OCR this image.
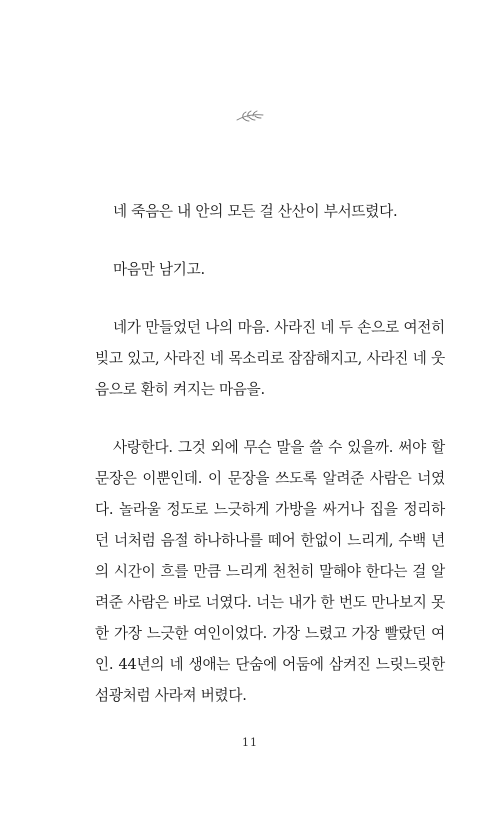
네 죽음은 내 안의 모든 걸 산산이 부서뜨렸다.

마음만 남기고.

네가 만들었던 나의 마음. 사라진 네 두 손으로 여전히 빚고 있고, 사라진 네 목소리로 잠잠해지고, 사라진 네 웃음으로 환히 켜지는 마음을.

사랑한다. 그것 외에 무슨 말을 쓸 수 있을까. 써야 할 문장은 이뿐인데. 이 문장을 쓰도록 알려준 사람은 너였다. 놀라울 정도로 느긋하게 가방을 싸거나 집을 정리하던 너처럼 음절 하나하나를 떼어 한없이 느리게, 수백 년의 시간이 흐를 만큼 느리게 천천히 말해야 한다는 걸 알려준 사람은 바로 너였다. 너는 내가 한 번도 만나보지 못한 가장 느긋한 여인이었다. 가장 느렸고 가장 빨랐던 여인. 44년의 네 생애는 단숨에 어둠에 삼켜진 느릿느릿한 섬광처럼 사라져 버렸다.

11
